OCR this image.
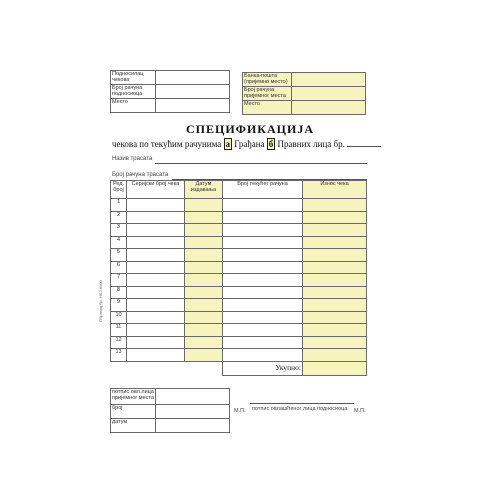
Подносилац чекова	
Број рачуна подносиоца	
Место	
Банка-пошта (пријемно место)	
Број рачуна пријемног места	
Место	
СПЕЦИФИКАЦИЈА
чекова по текућим рачунима а Грађана б Правних лица бр.
Назив трасата
Број рачуна трасата
Образац бр. НБЈ-6000
Ред. број	Серијски број чека	Датум издавања	Број текућег рачуна	Износ чека
1				
2				
3				
4				
5				
6				
7				
8				
9				
10				
11				
12				
13				
			Укупно:	
потпис овл.лица пријемног места	
број	
датум	
М.П. потпис овлашћеног лица подносиоца М.П.
